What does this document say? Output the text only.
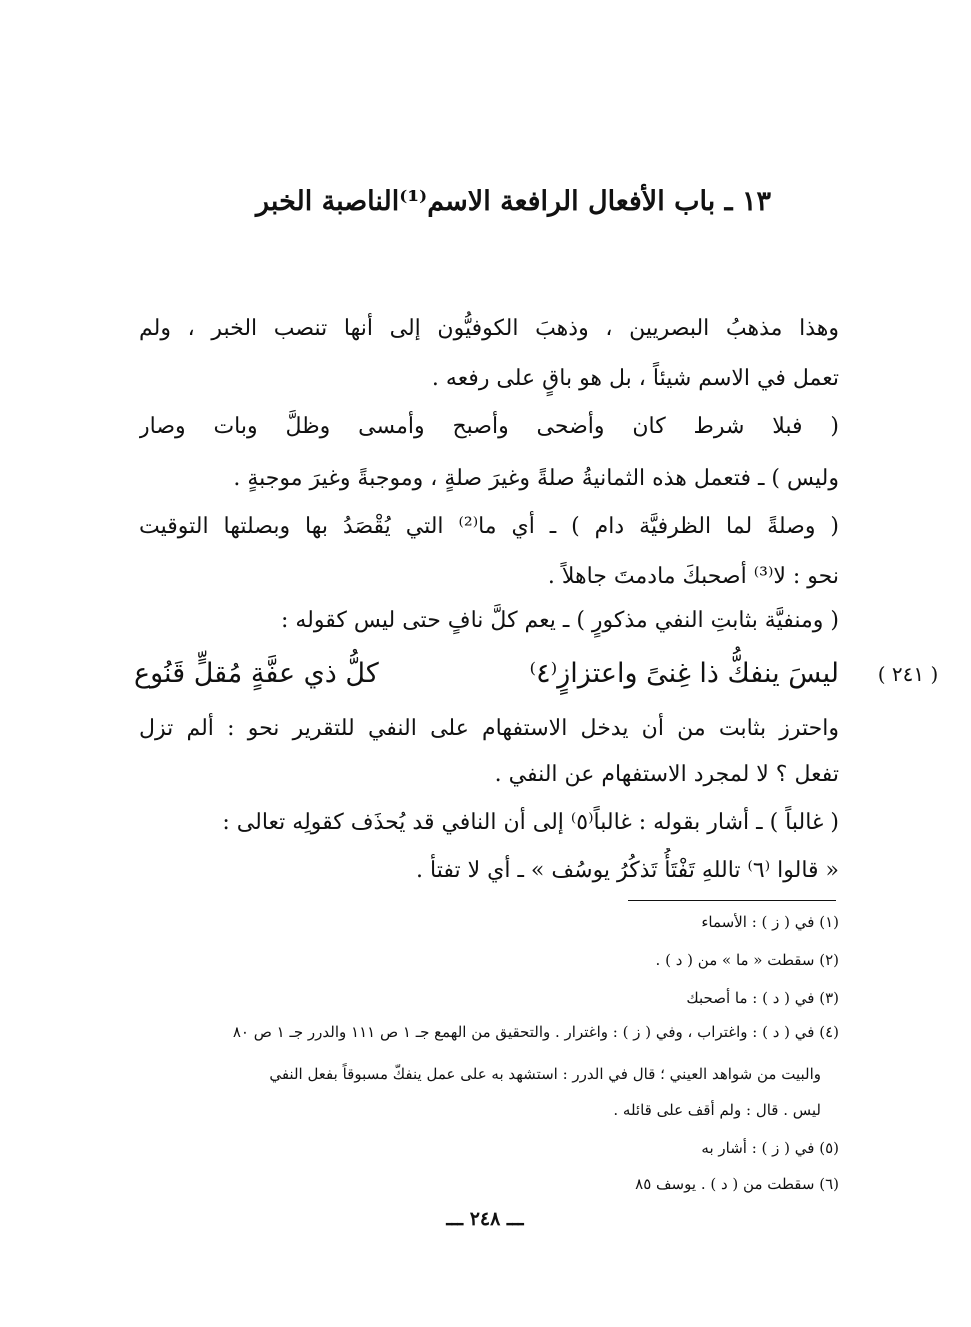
١٣ ـ باب الأفعال الرافعة الاسم⁽¹⁾الناصبة الخبر
وهذا مذهبُ البصريين ، وذهبَ الكوفيُّون إلى أنها تنصب الخبر ، ولم
تعمل في الاسم شيئاً ، بل هو باقٍ على رفعه .
( فبلا شرط كان وأضحى وأصبح وأمسى وظلَّ وبات وصار
وليس ) ـ فتعمل هذه الثمانيةُ صلةً وغيرَ صلةٍ ، وموجبةً وغيرَ موجبةٍ .
( وصلةً لما الظرفيَّة دام ) ـ أي ما⁽²⁾ التي يُقْصَدُ بها وبصلتها التوقيت
نحو : لا⁽³⁾ أصحبكَ مادمتَ جاهلاً .
( ومنفيَّة بثابتِ النفي مذكورٍ ) ـ يعم كلَّ نافٍ حتى ليس كقوله :
ليسَ ينفكُّ ذا غِنىً واعتزازٍ⁽٤⁾
كلُّ ذي عفَّةٍ مُقلٍّ قَنُوع	( ٢٤١ )
واحترز بثابت من أن يدخل الاستفهام على النفي للتقرير نحو : ألم تزل
تفعل ؟ لا لمجرد الاستفهام عن النفي .
( غالباً ) ـ أشار بقوله : غالباً⁽٥⁾ إلى أن النافي قد يُحذَف كقولِه تعالى :
« قالوا ⁽٦⁾ تاللهِ تَفْتَأُ تَذكُرُ يوسُف » ـ أي لا تفتأ .
(١) في ( ز ) : الأسماء
(٢) سقطت « ما » من ( د ) .
(٣) في ( د ) : ما أصحبك
(٤) في ( د ) : واغتراب ، وفي ( ز ) : واغترار . والتحقيق من الهمع جـ ١ ص ١١١ والدرر جـ ١ ص ٨٠
والبيت من شواهد العيني ؛ قال في الدرر : استشهد به على عمل ينفكّ مسبوقاً بفعل النفي
ليس . قال : ولم أقف على قائله .
(٥) في ( ز ) : أشار به
(٦) سقطت من ( د ) . يوسف ٨٥
ـــ ٢٤٨ ـــ
